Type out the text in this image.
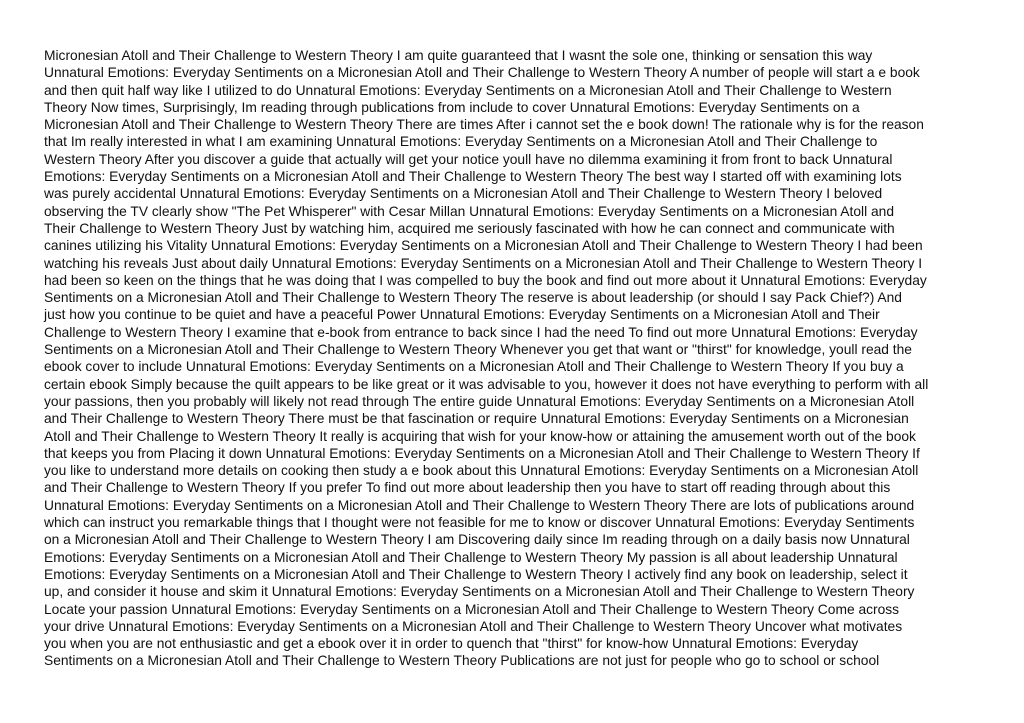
Micronesian Atoll and Their Challenge to Western Theory I am quite guaranteed that I wasnt the sole one, thinking or sensation this way
Unnatural Emotions: Everyday Sentiments on a Micronesian Atoll and Their Challenge to Western Theory A number of people will start a e book
and then quit half way like I utilized to do Unnatural Emotions: Everyday Sentiments on a Micronesian Atoll and Their Challenge to Western
Theory Now times, Surprisingly, Im reading through publications from include to cover Unnatural Emotions: Everyday Sentiments on a
Micronesian Atoll and Their Challenge to Western Theory There are times After i cannot set the e book down! The rationale why is for the reason
that Im really interested in what I am examining Unnatural Emotions: Everyday Sentiments on a Micronesian Atoll and Their Challenge to
Western Theory After you discover a guide that actually will get your notice youll have no dilemma examining it from front to back Unnatural
Emotions: Everyday Sentiments on a Micronesian Atoll and Their Challenge to Western Theory The best way I started off with examining lots
was purely accidental Unnatural Emotions: Everyday Sentiments on a Micronesian Atoll and Their Challenge to Western Theory I beloved
observing the TV clearly show "The Pet Whisperer" with Cesar Millan Unnatural Emotions: Everyday Sentiments on a Micronesian Atoll and
Their Challenge to Western Theory Just by watching him, acquired me seriously fascinated with how he can connect and communicate with
canines utilizing his Vitality Unnatural Emotions: Everyday Sentiments on a Micronesian Atoll and Their Challenge to Western Theory I had been
watching his reveals Just about daily Unnatural Emotions: Everyday Sentiments on a Micronesian Atoll and Their Challenge to Western Theory I
had been so keen on the things that he was doing that I was compelled to buy the book and find out more about it Unnatural Emotions: Everyday
Sentiments on a Micronesian Atoll and Their Challenge to Western Theory The reserve is about leadership (or should I say Pack Chief?) And
just how you continue to be quiet and have a peaceful Power Unnatural Emotions: Everyday Sentiments on a Micronesian Atoll and Their
Challenge to Western Theory I examine that e-book from entrance to back since I had the need To find out more Unnatural Emotions: Everyday
Sentiments on a Micronesian Atoll and Their Challenge to Western Theory Whenever you get that want or "thirst" for knowledge, youll read the
ebook cover to include Unnatural Emotions: Everyday Sentiments on a Micronesian Atoll and Their Challenge to Western Theory If you buy a
certain ebook Simply because the quilt appears to be like great or it was advisable to you, however it does not have everything to perform with all
your passions, then you probably will likely not read through The entire guide Unnatural Emotions: Everyday Sentiments on a Micronesian Atoll
and Their Challenge to Western Theory There must be that fascination or require Unnatural Emotions: Everyday Sentiments on a Micronesian
Atoll and Their Challenge to Western Theory It really is acquiring that wish for your know-how or attaining the amusement worth out of the book
that keeps you from Placing it down Unnatural Emotions: Everyday Sentiments on a Micronesian Atoll and Their Challenge to Western Theory If
you like to understand more details on cooking then study a e book about this Unnatural Emotions: Everyday Sentiments on a Micronesian Atoll
and Their Challenge to Western Theory If you prefer To find out more about leadership then you have to start off reading through about this
Unnatural Emotions: Everyday Sentiments on a Micronesian Atoll and Their Challenge to Western Theory There are lots of publications around
which can instruct you remarkable things that I thought were not feasible for me to know or discover Unnatural Emotions: Everyday Sentiments
on a Micronesian Atoll and Their Challenge to Western Theory I am Discovering daily since Im reading through on a daily basis now Unnatural
Emotions: Everyday Sentiments on a Micronesian Atoll and Their Challenge to Western Theory My passion is all about leadership Unnatural
Emotions: Everyday Sentiments on a Micronesian Atoll and Their Challenge to Western Theory I actively find any book on leadership, select it
up, and consider it house and skim it Unnatural Emotions: Everyday Sentiments on a Micronesian Atoll and Their Challenge to Western Theory
Locate your passion Unnatural Emotions: Everyday Sentiments on a Micronesian Atoll and Their Challenge to Western Theory Come across
your drive Unnatural Emotions: Everyday Sentiments on a Micronesian Atoll and Their Challenge to Western Theory Uncover what motivates
you when you are not enthusiastic and get a ebook over it in order to quench that "thirst" for know-how Unnatural Emotions: Everyday
Sentiments on a Micronesian Atoll and Their Challenge to Western Theory Publications are not just for people who go to school or school
